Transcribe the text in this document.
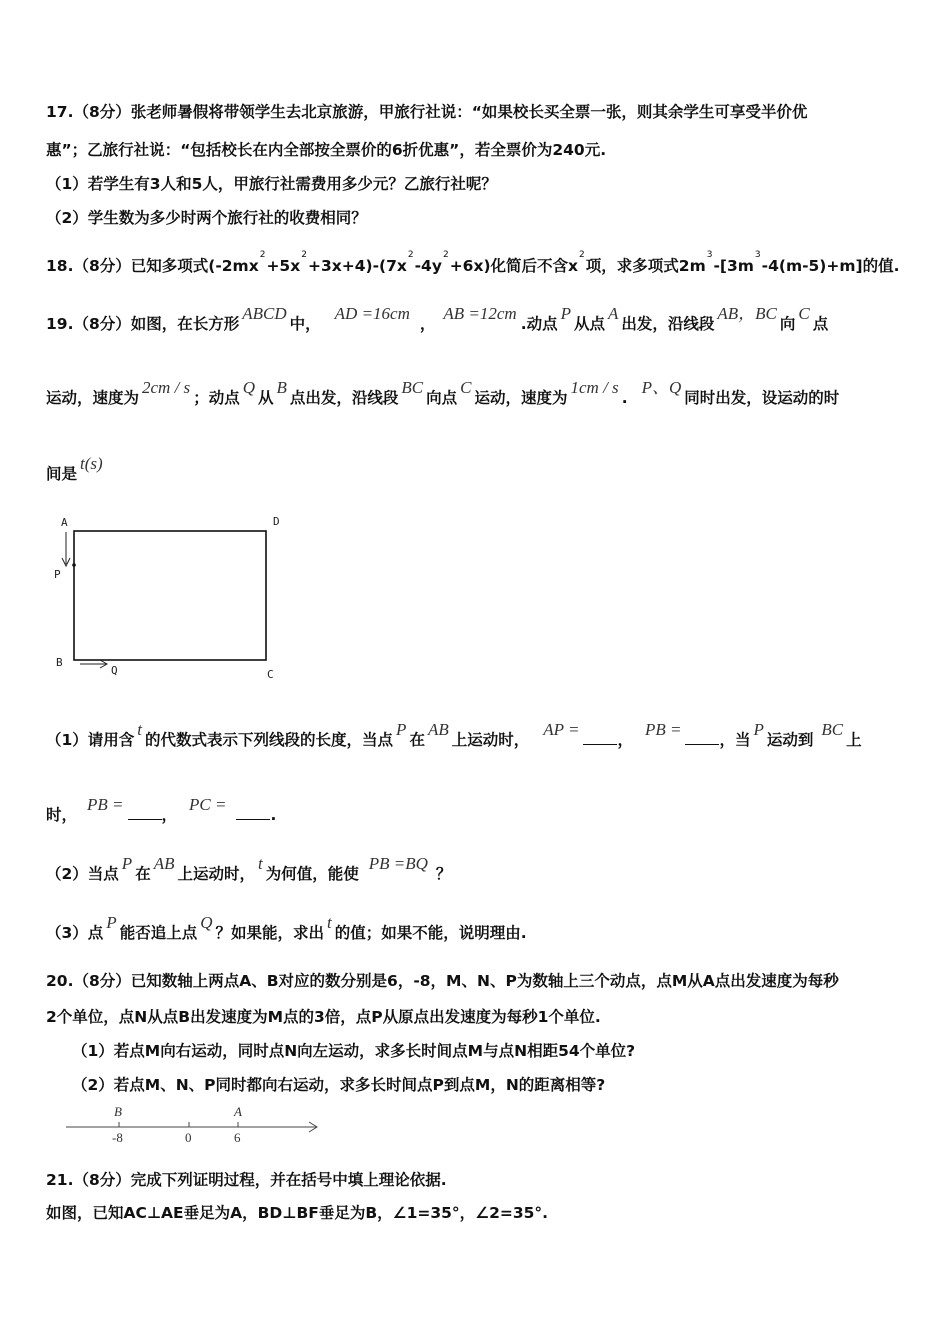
17.（8分）张老师暑假将带领学生去北京旅游，甲旅行社说：“如果校长买全票一张，则其余学生可享受半价优
惠”；乙旅行社说：“包括校长在内全部按全票价的6折优惠”，若全票价为240元.
（1）若学生有3人和5人，甲旅行社需费用多少元？乙旅行社呢？
（2）学生数为多少时两个旅行社的收费相同？
18.（8分）已知多项式$(-2mx^2+5x^2+3x+4)-(7x^2-4y^2+6x)$化简后不含$x^2$项，求多项式$2m^3-[3m^3-4(m-5)+m]$的值.
19.（8分）如图，在长方形ABCD中，AD =16cm，AB =12cm.动点P从点A出发，沿线段AB，BC向C点
运动，速度为2cm / s；动点Q从B点出发，沿线段BC向点C运动，速度为1cm / s.P、Q同时出发，设运动的时
间是t(s)
A	D
P
B
Q	C
（1）请用含t的代数式表示下列线段的长度，当点P在AB上运动时，AP =，PB =，当P运动到BC上
时，PB =，PC =.
（2）当点P在AB上运动时，t为何值，能使PB =BQ？
（3）点P能否追上点Q？如果能，求出t的值；如果不能，说明理由.
20.（8分）已知数轴上两点A、B对应的数分别是6，-8，M、N、P为数轴上三个动点，点M从A点出发速度为每秒
2个单位，点N从点B出发速度为M点的3倍，点P从原点出发速度为每秒1个单位.
（1）若点M向右运动，同时点N向左运动，求多长时间点M与点N相距54个单位?
（2）若点M、N、P同时都向右运动，求多长时间点P到点M，N的距离相等?
B	A
-8	0	6
21.（8分）完成下列证明过程，并在括号中填上理论依据.
如图，已知AC⊥AE垂足为A，BD⊥BF垂足为B，∠1=35°，∠2=35°.
